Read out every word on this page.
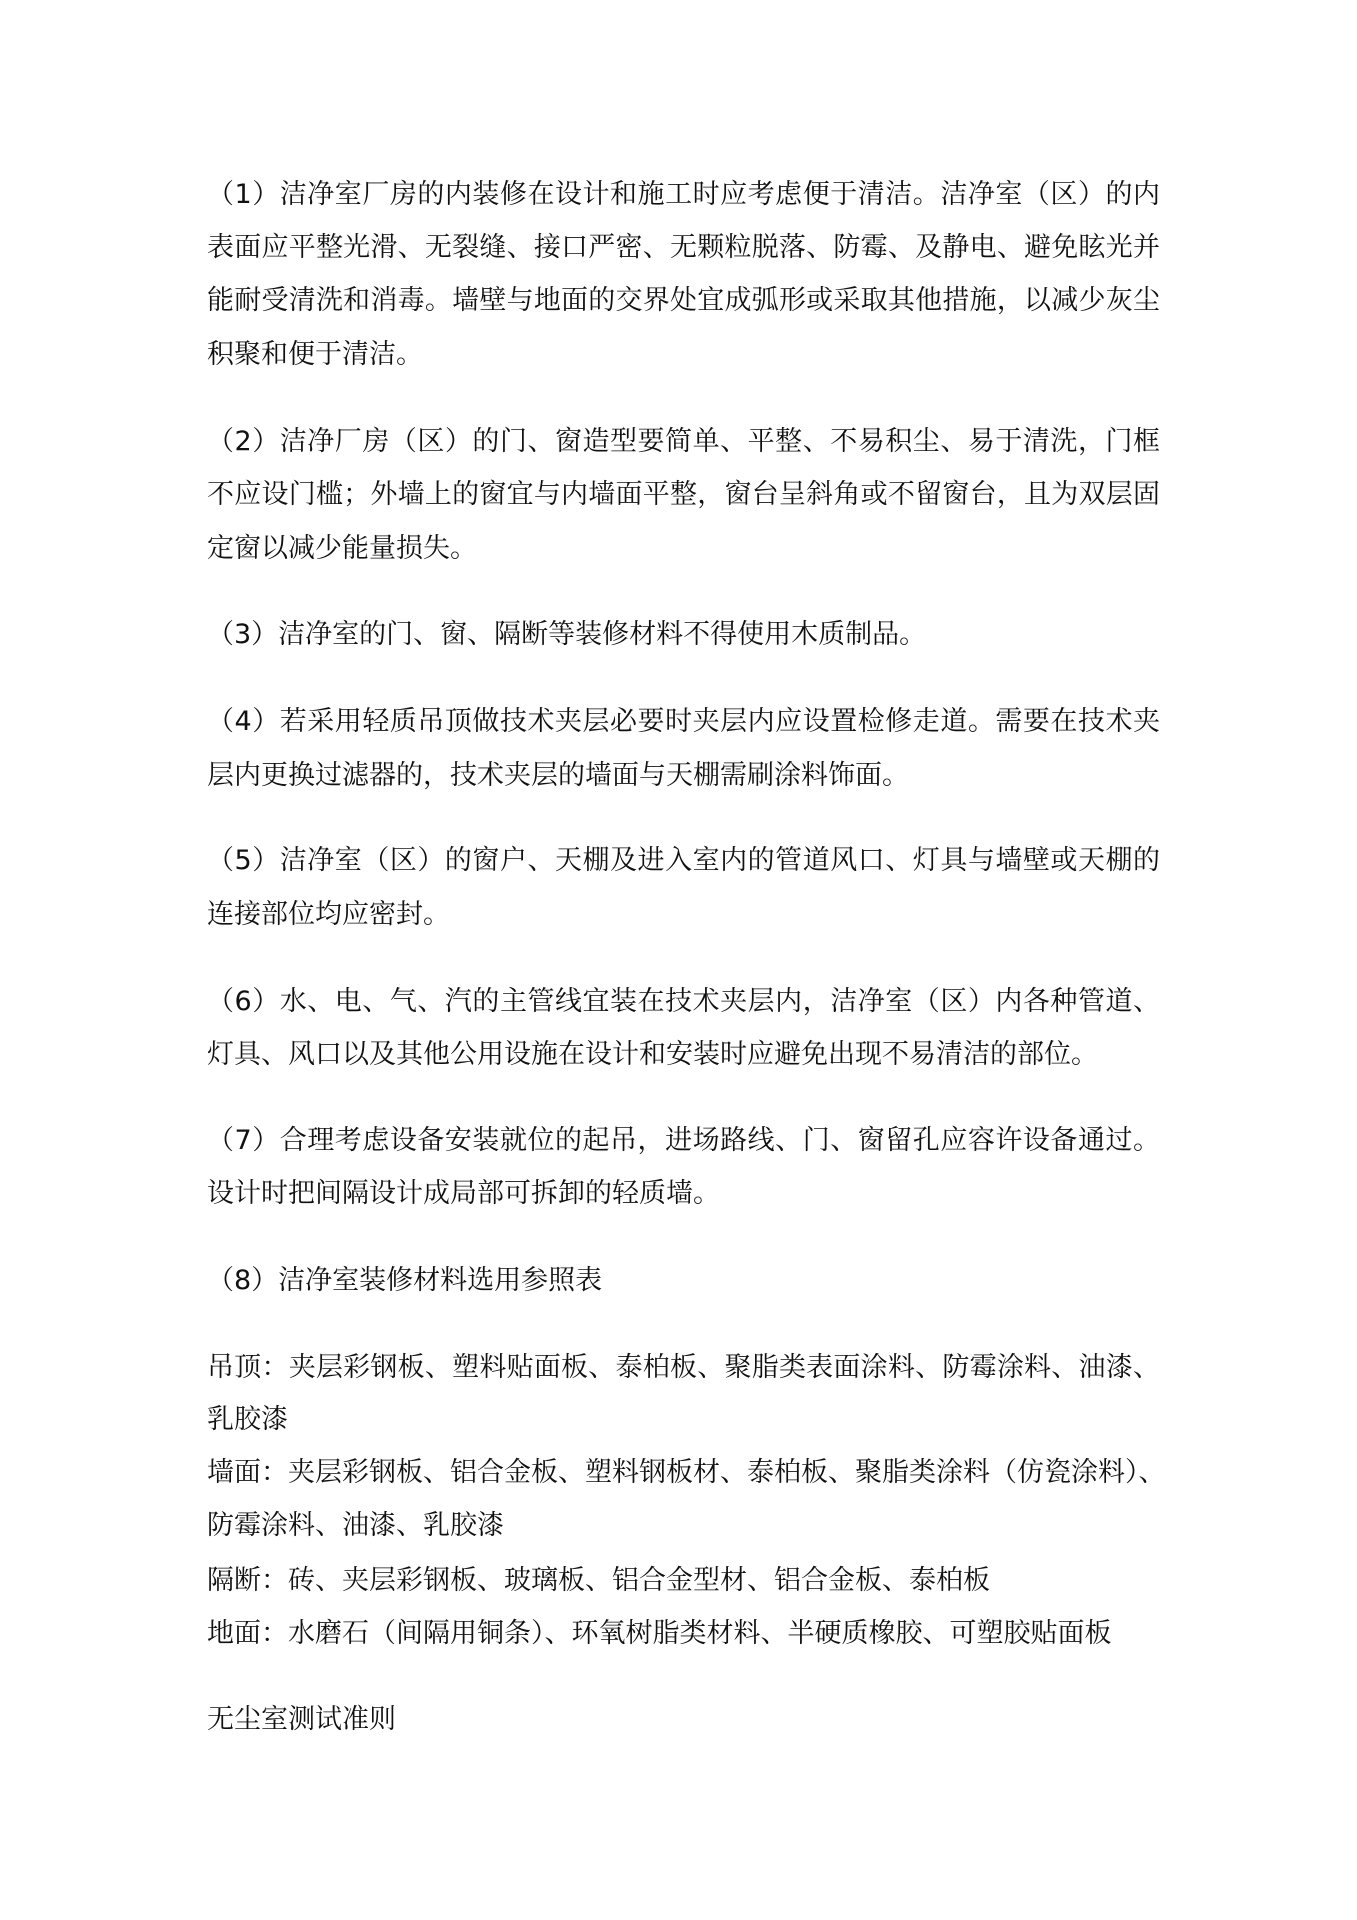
（1）洁净室厂房的内装修在设计和施工时应考虑便于清洁。洁净室（区）的内
表面应平整光滑、无裂缝、接口严密、无颗粒脱落、防霉、及静电、避免眩光并
能耐受清洗和消毒。墙壁与地面的交界处宜成弧形或采取其他措施，以减少灰尘
积聚和便于清洁。
（2）洁净厂房（区）的门、窗造型要简单、平整、不易积尘、易于清洗，门框
不应设门槛；外墙上的窗宜与内墙面平整，窗台呈斜角或不留窗台，且为双层固
定窗以减少能量损失。
（3）洁净室的门、窗、隔断等装修材料不得使用木质制品。
（4）若采用轻质吊顶做技术夹层必要时夹层内应设置检修走道。需要在技术夹
层内更换过滤器的，技术夹层的墙面与天棚需刷涂料饰面。
（5）洁净室（区）的窗户、天棚及进入室内的管道风口、灯具与墙壁或天棚的
连接部位均应密封。
（6）水、电、气、汽的主管线宜装在技术夹层内，洁净室（区）内各种管道、
灯具、风口以及其他公用设施在设计和安装时应避免出现不易清洁的部位。
（7）合理考虑设备安装就位的起吊，进场路线、门、窗留孔应容许设备通过。
设计时把间隔设计成局部可拆卸的轻质墙。
（8）洁净室装修材料选用参照表
吊顶：夹层彩钢板、塑料贴面板、泰柏板、聚脂类表面涂料、防霉涂料、油漆、
乳胶漆
墙面：夹层彩钢板、铝合金板、塑料钢板材、泰柏板、聚脂类涂料（仿瓷涂料）、
防霉涂料、油漆、乳胶漆
隔断：砖、夹层彩钢板、玻璃板、铝合金型材、铝合金板、泰柏板
地面：水磨石（间隔用铜条）、环氧树脂类材料、半硬质橡胶、可塑胶贴面板
无尘室测试准则
